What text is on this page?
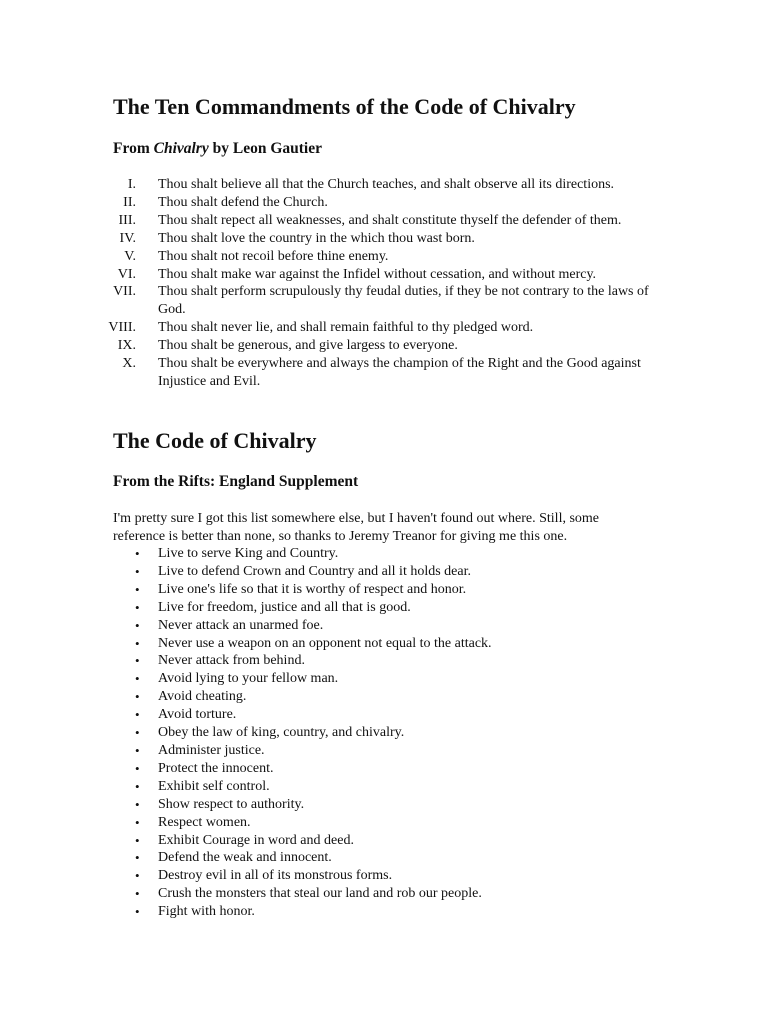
The Ten Commandments of the Code of Chivalry
From Chivalry by Leon Gautier
I. Thou shalt believe all that the Church teaches, and shalt observe all its directions.
II. Thou shalt defend the Church.
III. Thou shalt repect all weaknesses, and shalt constitute thyself the defender of them.
IV. Thou shalt love the country in the which thou wast born.
V. Thou shalt not recoil before thine enemy.
VI. Thou shalt make war against the Infidel without cessation, and without mercy.
VII. Thou shalt perform scrupulously thy feudal duties, if they be not contrary to the laws of God.
VIII. Thou shalt never lie, and shall remain faithful to thy pledged word.
IX. Thou shalt be generous, and give largess to everyone.
X. Thou shalt be everywhere and always the champion of the Right and the Good against Injustice and Evil.
The Code of Chivalry
From the Rifts: England Supplement

I'm pretty sure I got this list somewhere else, but I haven't found out where. Still, some reference is better than none, so thanks to Jeremy Treanor for giving me this one.

•	Live to serve King and Country.
•	Live to defend Crown and Country and all it holds dear.
•	Live one's life so that it is worthy of respect and honor.
•	Live for freedom, justice and all that is good.
•	Never attack an unarmed foe.
•	Never use a weapon on an opponent not equal to the attack.
•	Never attack from behind.
•	Avoid lying to your fellow man.
•	Avoid cheating.
•	Avoid torture.
•	Obey the law of king, country, and chivalry.
•	Administer justice.
•	Protect the innocent.
•	Exhibit self control.
•	Show respect to authority.
•	Respect women.
•	Exhibit Courage in word and deed.
•	Defend the weak and innocent.
•	Destroy evil in all of its monstrous forms.
•	Crush the monsters that steal our land and rob our people.
•	Fight with honor.
